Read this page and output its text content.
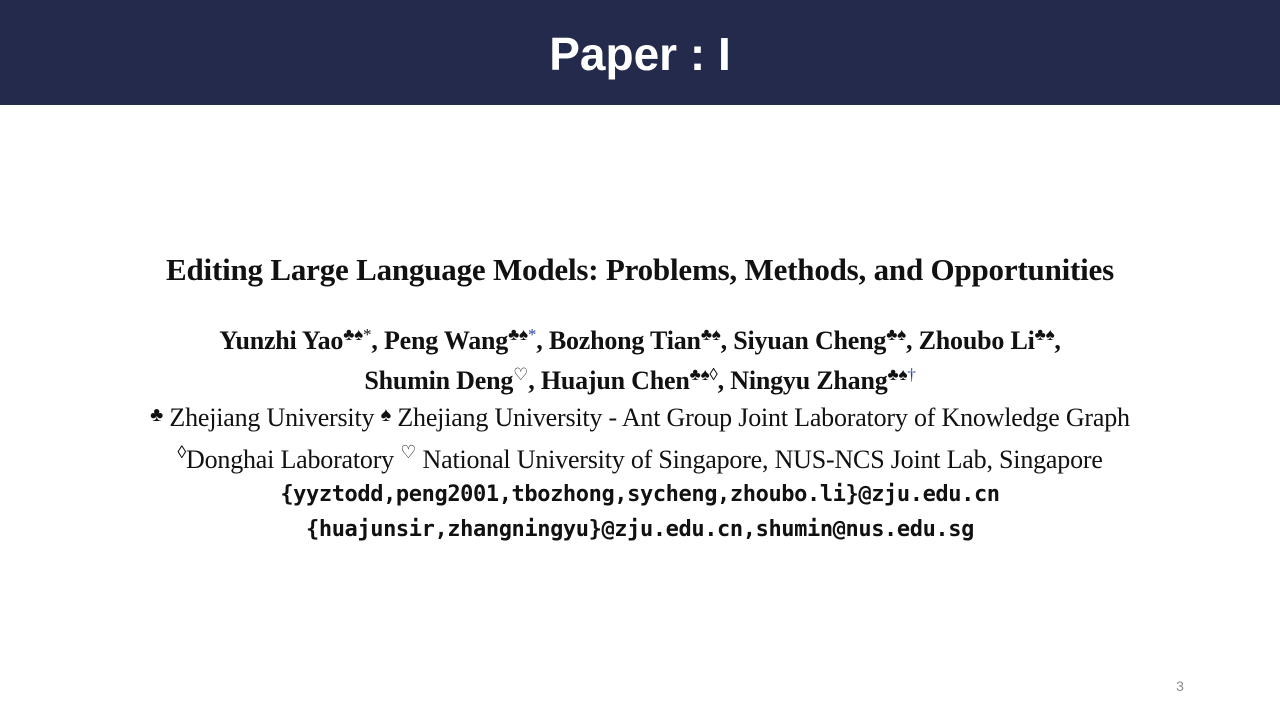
Paper : I
Editing Large Language Models: Problems, Methods, and Opportunities
Yunzhi Yao♣♠*, Peng Wang♣♠*, Bozhong Tian♣♠, Siyuan Cheng♣♠, Zhoubo Li♣♠,
Shumin Deng♡, Huajun Chen♣♠◊, Ningyu Zhang♣♠†
♣ Zhejiang University ♠ Zhejiang University - Ant Group Joint Laboratory of Knowledge Graph
◊Donghai Laboratory ♡ National University of Singapore, NUS-NCS Joint Lab, Singapore
{yyztodd,peng2001,tbozhong,sycheng,zhoubo.li}@zju.edu.cn
{huajunsir,zhangningyu}@zju.edu.cn,shumin@nus.edu.sg
3
